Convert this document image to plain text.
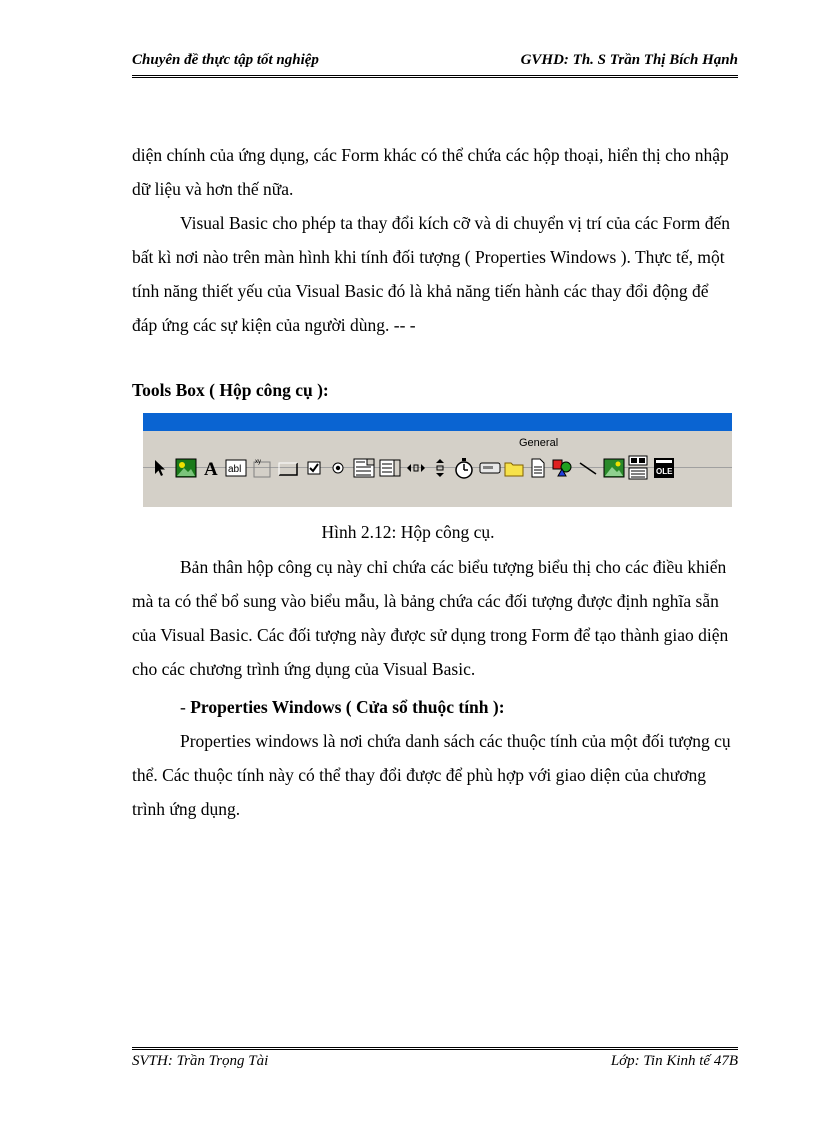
Chuyên đề thực tập tốt nghiệp	GVHD: Th. S Trần Thị Bích Hạnh

diện chính của ứng dụng, các Form khác có thể chứa các hộp thoại, hiển thị cho nhập dữ liệu và hơn thế nữa.

Visual Basic cho phép ta thay đổi kích cỡ và di chuyển vị trí của các Form đến bất kì nơi nào trên màn hình khi tính đối tượng ( Properties Windows ). Thực tế, một tính năng thiết yếu của Visual Basic đó là khả năng tiến hành các thay đổi động để đáp ứng các sự kiện của người dùng. -- -

Tools Box ( Hộp công cụ ):

General
A abl
xy
OLE

Hình 2.12: Hộp công cụ.

Bản thân hộp công cụ này chỉ chứa các biểu tượng biểu thị cho các điều khiển mà ta có thể bổ sung vào biểu mẫu, là bảng chứa các đối tượng được định nghĩa sẵn của Visual Basic. Các đối tượng này được sử dụng trong Form để tạo thành giao diện cho các chương trình ứng dụng của Visual Basic.

- Properties Windows ( Cửa sổ thuộc tính ):

Properties windows là nơi chứa danh sách các thuộc tính của một đối tượng cụ thể. Các thuộc tính này có thể thay đổi được để phù hợp với giao diện của chương trình ứng dụng.

SVTH: Trần Trọng Tài	Lớp: Tin Kinh tế 47B
